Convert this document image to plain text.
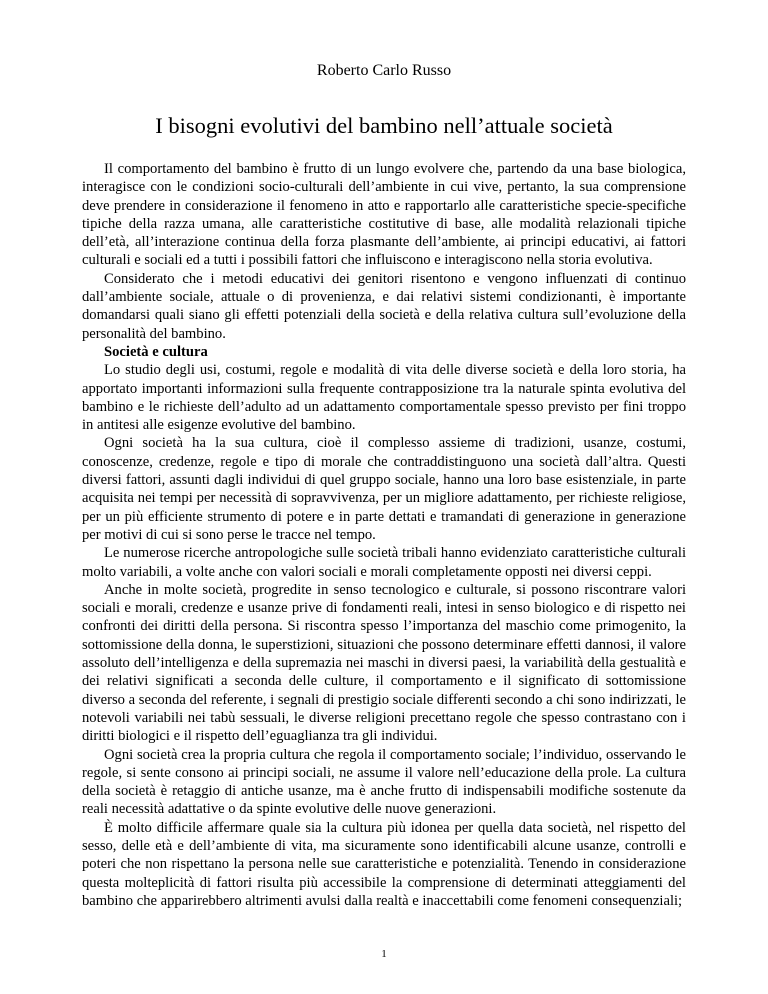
Roberto Carlo Russo
I bisogni evolutivi del bambino nell’attuale società

Il comportamento del bambino è frutto di un lungo evolvere che, partendo da una base biologica, interagisce con le condizioni socio-culturali dell’ambiente in cui vive, pertanto, la sua comprensione deve prendere in considerazione il fenomeno in atto e rapportarlo alle caratteristiche specie-specifiche tipiche della razza umana, alle caratteristiche costitutive di base, alle modalità relazionali tipiche dell’età, all’interazione continua della forza plasmante dell’ambiente, ai principi educativi, ai fattori culturali e sociali ed a tutti i possibili fattori che influiscono e interagiscono nella storia evolutiva.

Considerato che i metodi educativi dei genitori risentono e vengono influenzati di continuo dall’ambiente sociale, attuale o di provenienza, e dai relativi sistemi condizionanti, è importante domandarsi quali siano gli effetti potenziali della società e della relativa cultura sull’evoluzione della personalità del bambino.

Società e cultura

Lo studio degli usi, costumi, regole e modalità di vita delle diverse società e della loro storia, ha apportato importanti informazioni sulla frequente contrapposizione tra la naturale spinta evolutiva del bambino e le richieste dell’adulto ad un adattamento comportamentale spesso previsto per fini troppo in antitesi alle esigenze evolutive del bambino.

Ogni società ha la sua cultura, cioè il complesso assieme di tradizioni, usanze, costumi, conoscenze, credenze, regole e tipo di morale che contraddistinguono una società dall’altra. Questi diversi fattori, assunti dagli individui di quel gruppo sociale, hanno una loro base esistenziale, in parte acquisita nei tempi per necessità di sopravvivenza, per un migliore adattamento, per richieste religiose, per un più efficiente strumento di potere e in parte dettati e tramandati di generazione in generazione per motivi di cui si sono perse le tracce nel tempo.

Le numerose ricerche antropologiche sulle società tribali hanno evidenziato caratteristiche culturali molto variabili, a volte anche con valori sociali e morali completamente opposti nei diversi ceppi.

Anche in molte società, progredite in senso tecnologico e culturale, si possono riscontrare valori sociali e morali, credenze e usanze prive di fondamenti reali, intesi in senso biologico e di rispetto nei confronti dei diritti della persona. Si riscontra spesso l’importanza del maschio come primogenito, la sottomissione della donna, le superstizioni, situazioni che possono determinare effetti dannosi, il valore assoluto dell’intelligenza e della supremazia nei maschi in diversi paesi, la variabilità della gestualità e dei relativi significati a seconda delle culture, il comportamento e il significato di sottomissione diverso a seconda del referente, i segnali di prestigio sociale differenti secondo a chi sono indirizzati, le notevoli variabili nei tabù sessuali, le diverse religioni precettano regole che spesso contrastano con i diritti biologici e il rispetto dell’eguaglianza tra gli individui.

Ogni società crea la propria cultura che regola il comportamento sociale; l’individuo, osservando le regole, si sente consono ai principi sociali, ne assume il valore nell’educazione della prole. La cultura della società è retaggio di antiche usanze, ma è anche frutto di indispensabili modifiche sostenute da reali necessità adattative o da spinte evolutive delle nuove generazioni.

È molto difficile affermare quale sia la cultura più idonea per quella data società, nel rispetto del sesso, delle età e dell’ambiente di vita, ma sicuramente sono identificabili alcune usanze, controlli e poteri che non rispettano la persona nelle sue caratteristiche e potenzialità. Tenendo in considerazione questa molteplicità di fattori risulta più accessibile la comprensione di determinati atteggiamenti del bambino che apparirebbero altrimenti avulsi dalla realtà e inaccettabili come fenomeni consequenziali;

1
